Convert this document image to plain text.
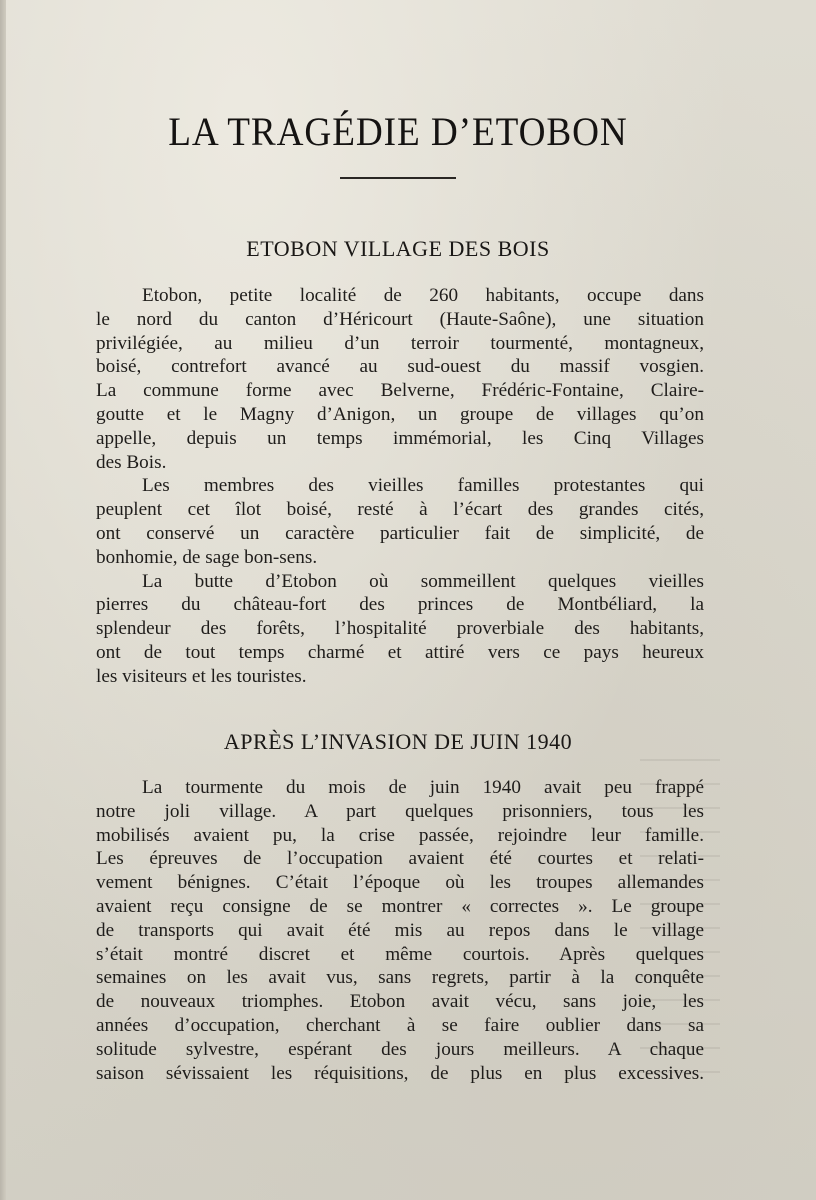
LA TRAGÉDIE D’ETOBON
ETOBON VILLAGE DES BOIS
Etobon, petite localité de 260 habitants, occupe dans
le nord du canton d’Héricourt (Haute-Saône), une situation
privilégiée, au milieu d’un terroir tourmenté, montagneux,
boisé, contrefort avancé au sud-ouest du massif vosgien.
La commune forme avec Belverne, Frédéric-Fontaine, Claire-
goutte et le Magny d’Anigon, un groupe de villages qu’on
appelle, depuis un temps immémorial, les Cinq Villages
des Bois.
Les membres des vieilles familles protestantes qui
peuplent cet îlot boisé, resté à l’écart des grandes cités,
ont conservé un caractère particulier fait de simplicité, de
bonhomie, de sage bon-sens.
La butte d’Etobon où sommeillent quelques vieilles
pierres du château-fort des princes de Montbéliard, la
splendeur des forêts, l’hospitalité proverbiale des habitants,
ont de tout temps charmé et attiré vers ce pays heureux
les visiteurs et les touristes.
APRÈS L’INVASION DE JUIN 1940
La tourmente du mois de juin 1940 avait peu frappé
notre joli village. A part quelques prisonniers, tous les
mobilisés avaient pu, la crise passée, rejoindre leur famille.
Les épreuves de l’occupation avaient été courtes et relati-
vement bénignes. C’était l’époque où les troupes allemandes
avaient reçu consigne de se montrer « correctes ». Le groupe
de transports qui avait été mis au repos dans le village
s’était montré discret et même courtois. Après quelques
semaines on les avait vus, sans regrets, partir à la conquête
de nouveaux triomphes. Etobon avait vécu, sans joie, les
années d’occupation, cherchant à se faire oublier dans sa
solitude sylvestre, espérant des jours meilleurs. A chaque
saison sévissaient les réquisitions, de plus en plus excessives.
